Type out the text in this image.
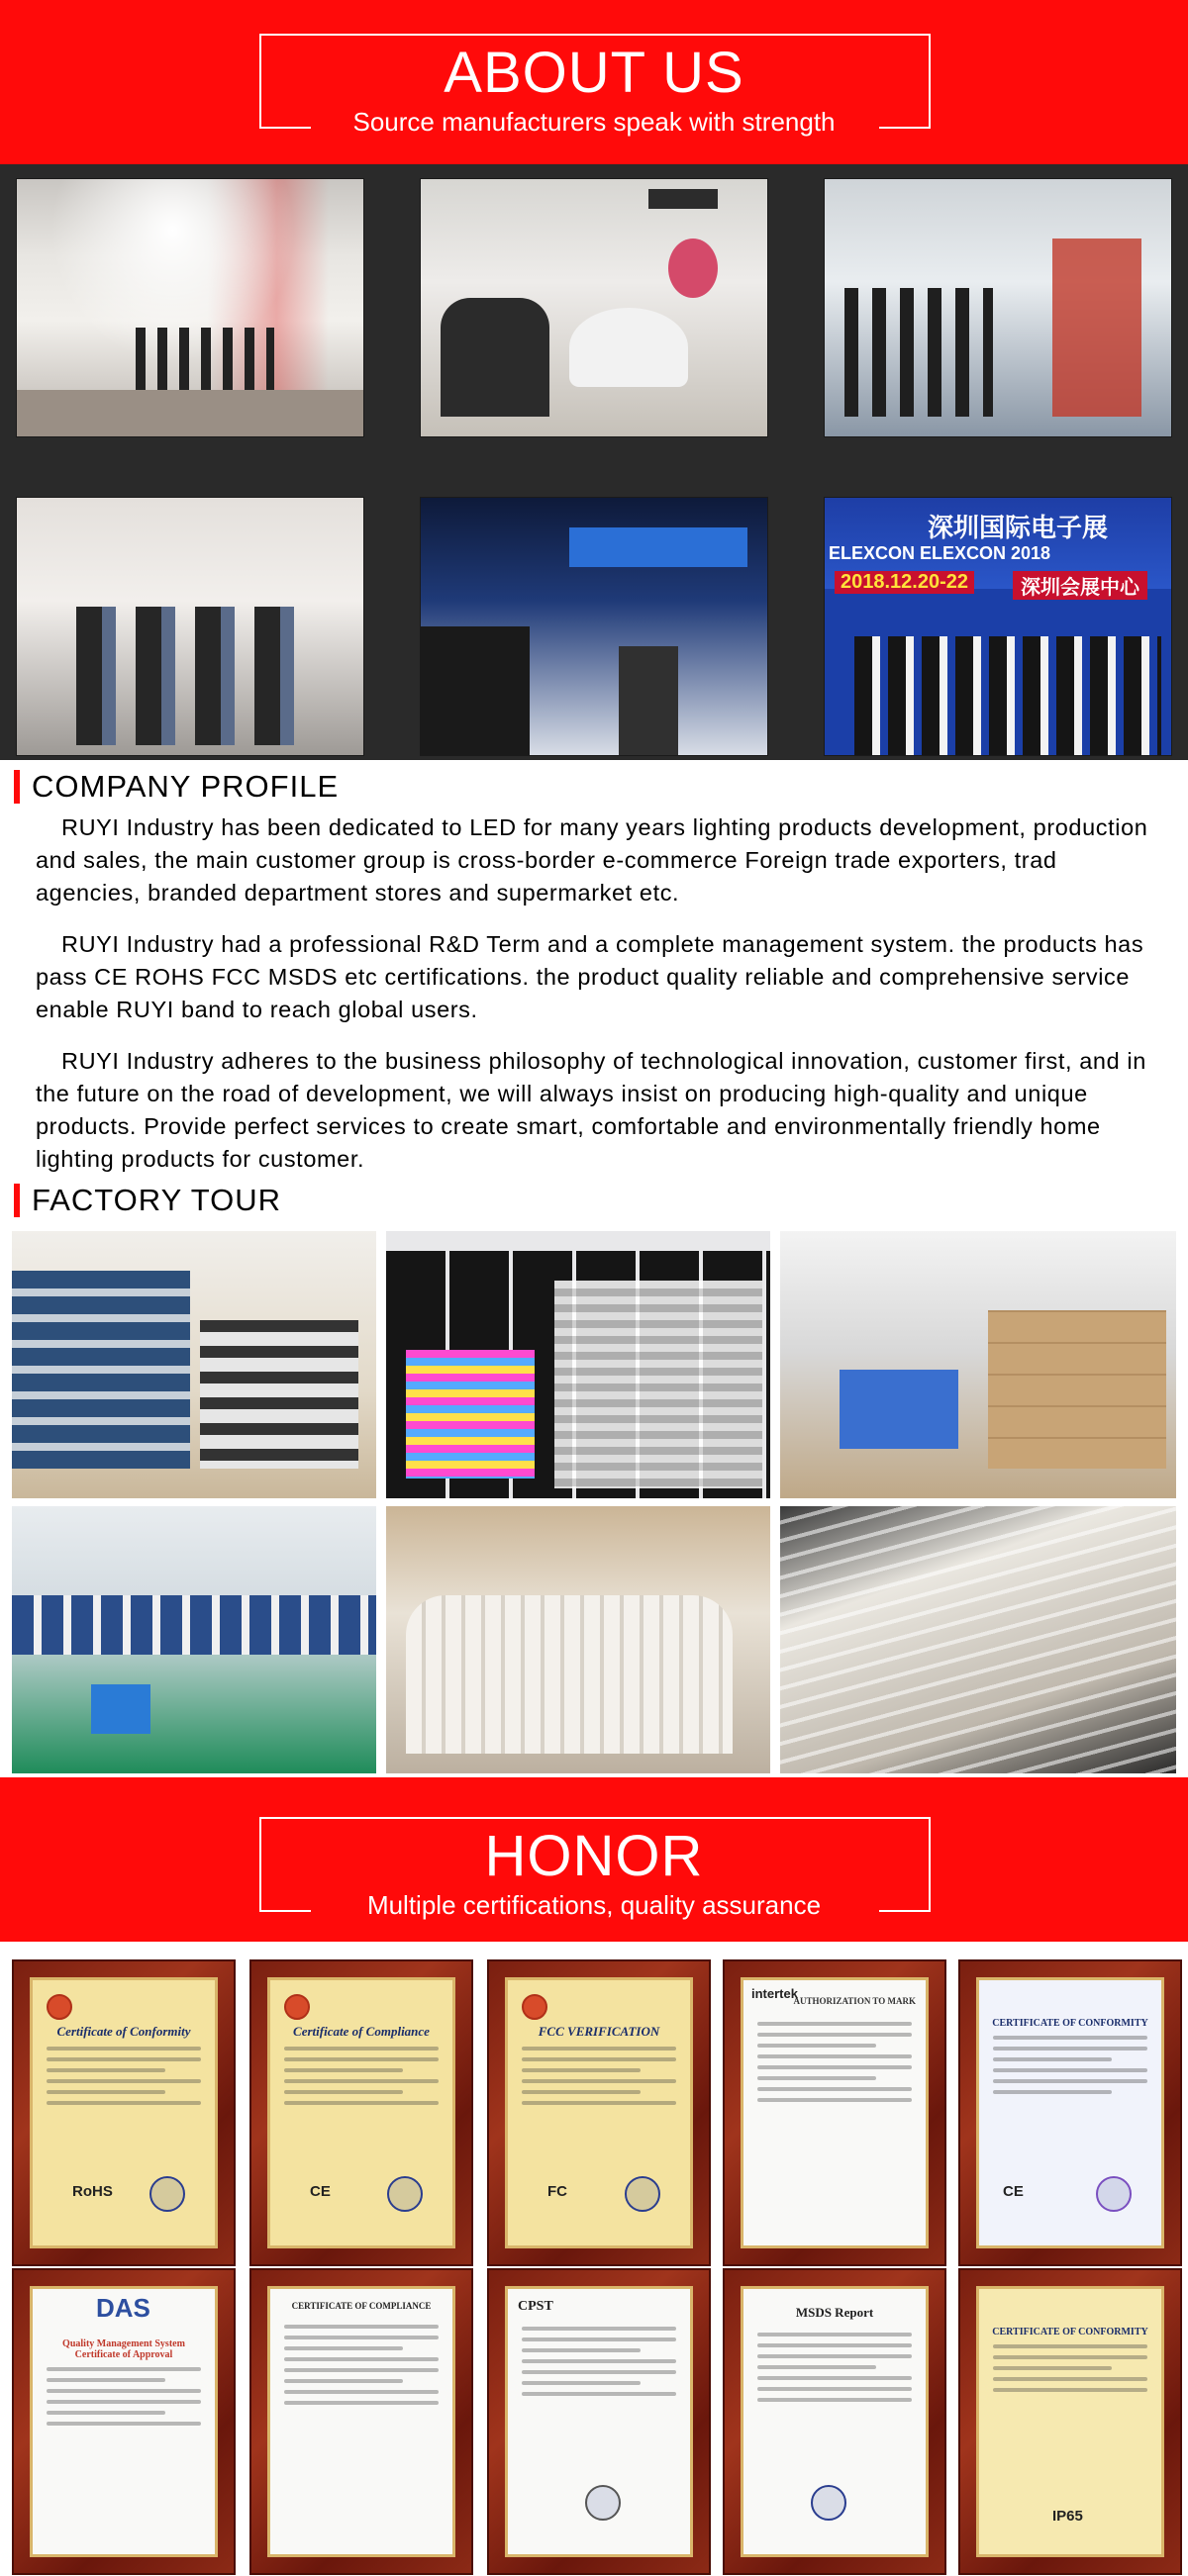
ABOUT US
Source manufacturers speak with strength
深圳国际电子展
ELEXCON ELEXCON 2018
2018.12.20-22	深圳会展中心
COMPANY PROFILE

RUYI Industry has been dedicated to LED for many years lighting products development, production and sales, the main customer group is cross-border e-commerce Foreign trade exporters, trad agencies, branded department stores and supermarket etc.

RUYI Industry had a professional R&D Term and a complete management system. the products has pass CE ROHS FCC MSDS etc certifications. the product quality reliable and comprehensive service enable RUYI band to reach global users.

RUYI Industry adheres to the business philosophy of technological innovation, customer first, and in the future on the road of development, we will always insist on producing high-quality and unique products. Provide perfect services to create smart, comfortable and environmentally friendly home lighting products for customer.

FACTORY TOUR
HONOR
Multiple certifications, quality assurance
Certificate of Conformity
RoHS
Certificate of Compliance
CE
FCC VERIFICATION
FC
intertek
AUTHORIZATION TO MARK
CERTIFICATE OF CONFORMITY
CE
DAS
Quality Management System Certificate of Approval
CERTIFICATE OF COMPLIANCE	CPST	MSDS Report
CERTIFICATE OF CONFORMITY
IP65
